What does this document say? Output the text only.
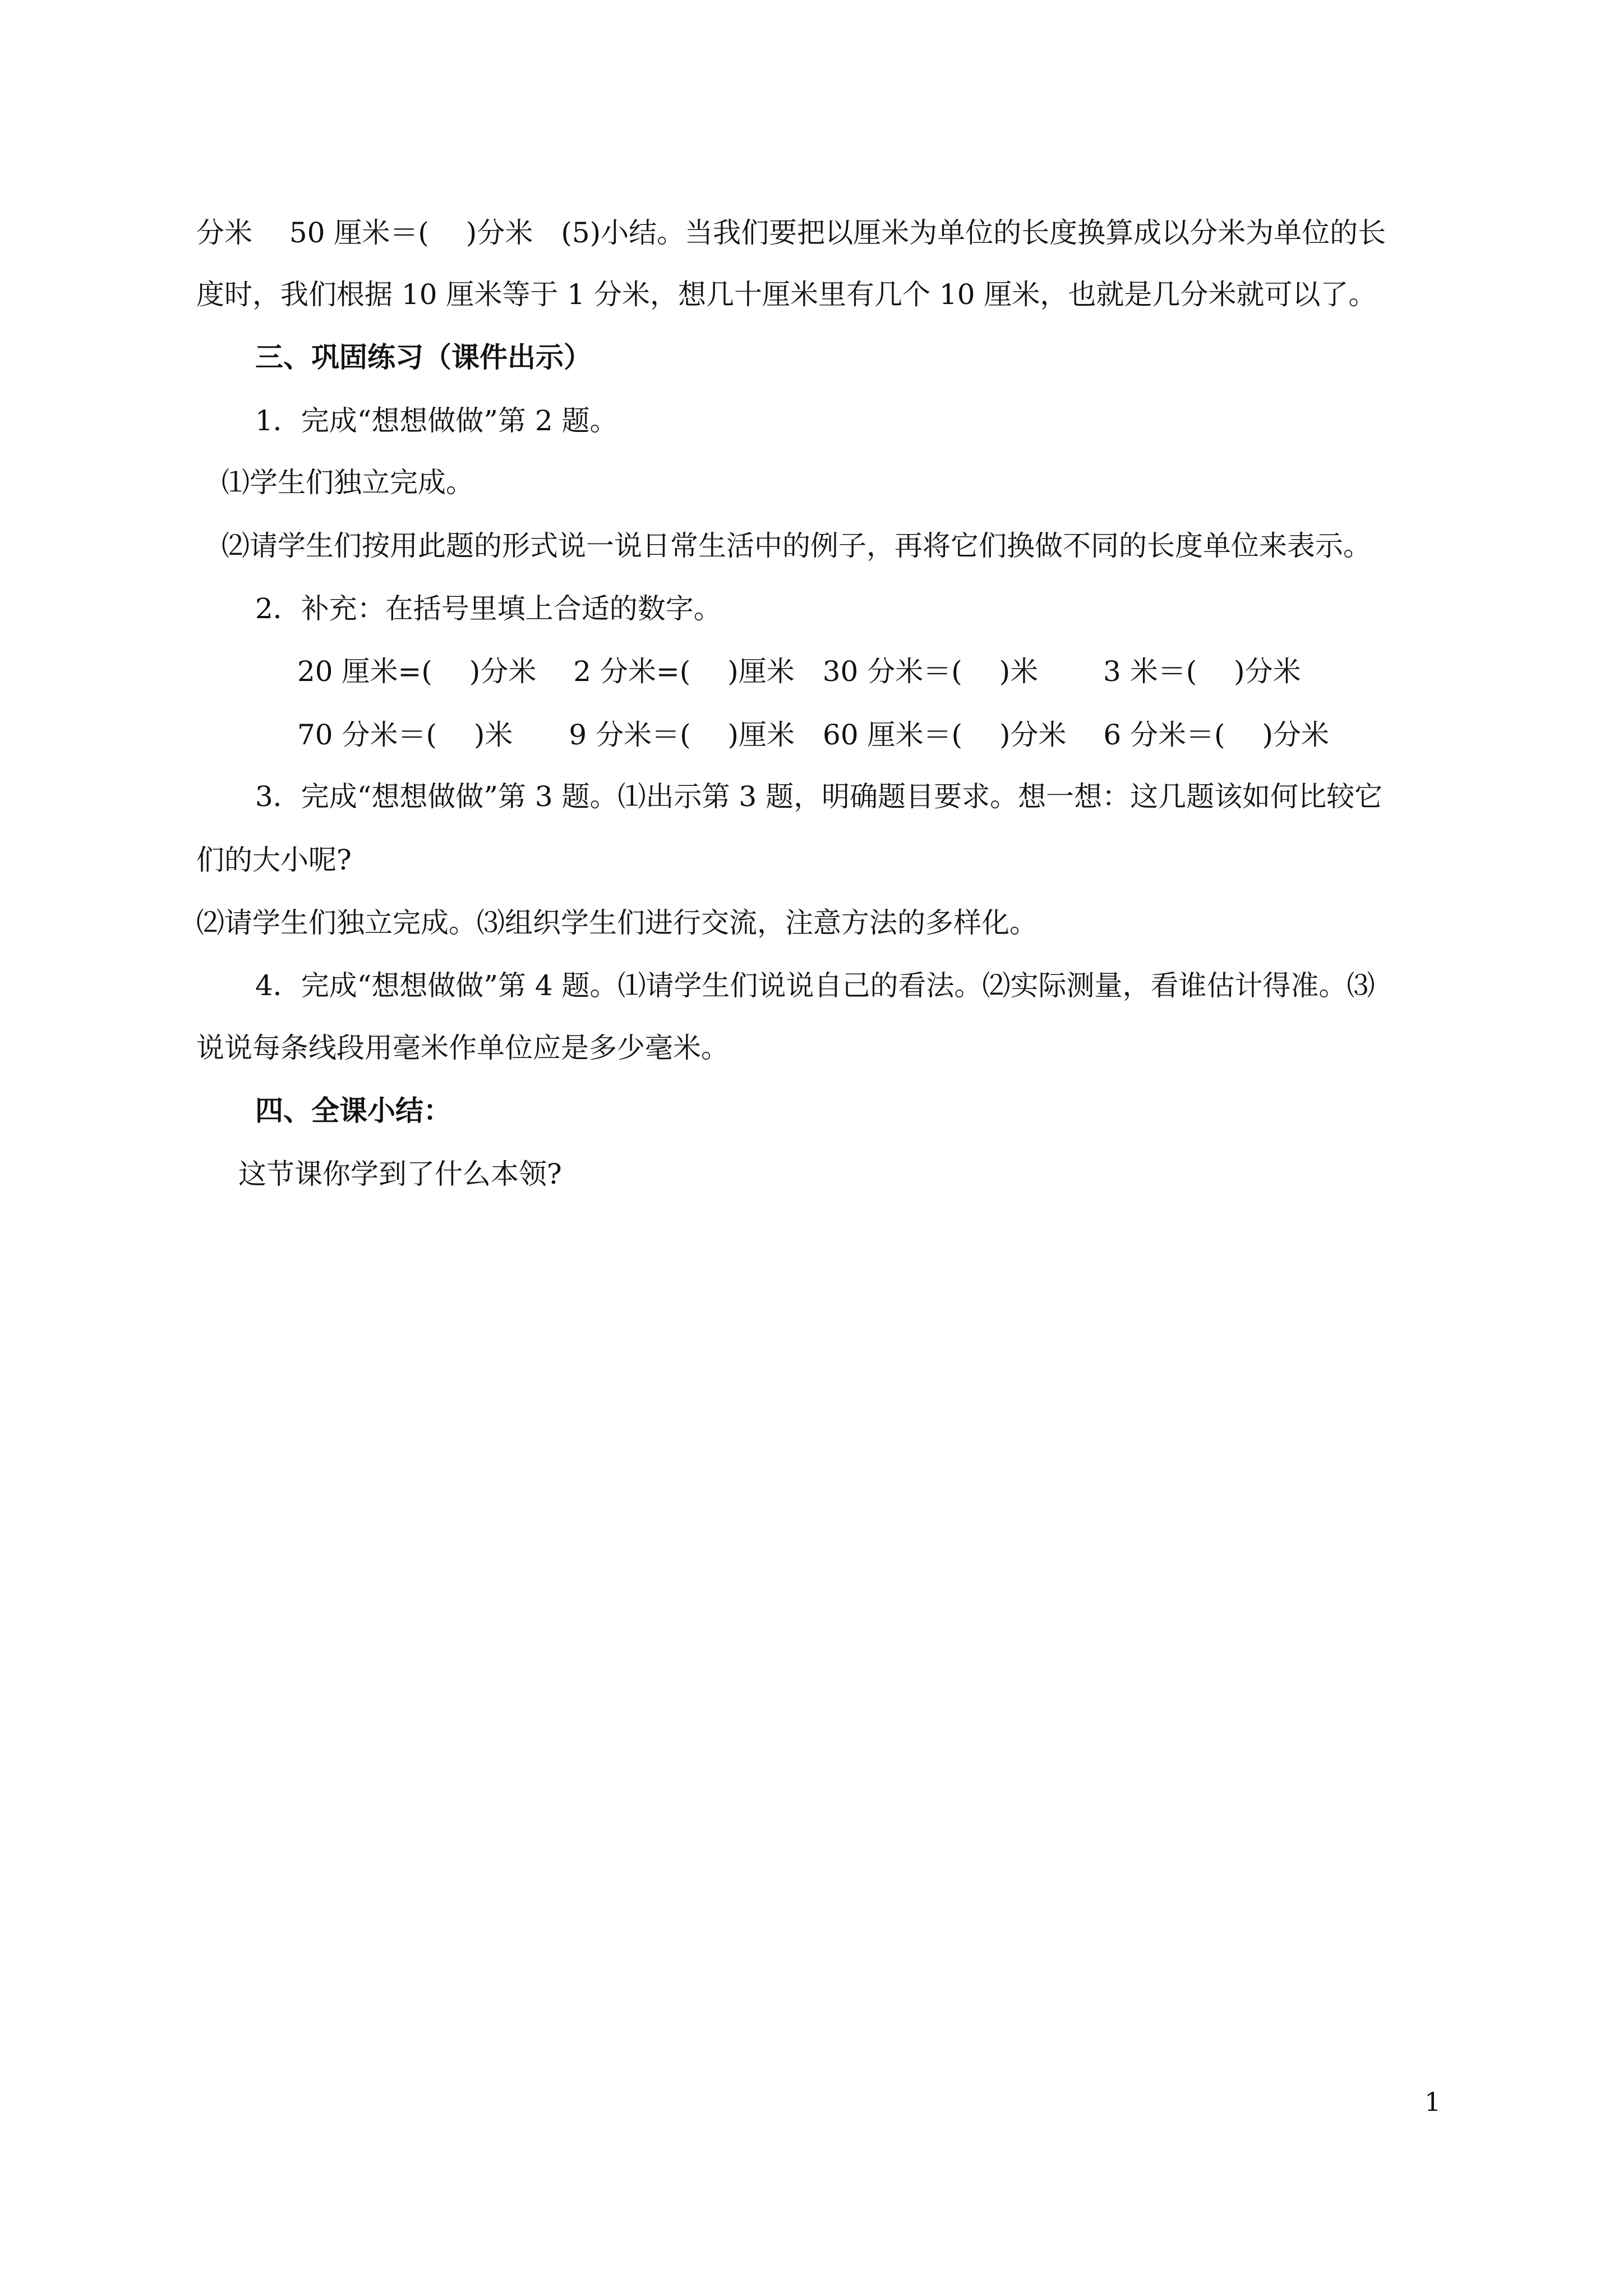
分米　 50 厘米＝(　 )分米　(5)小结。当我们要把以厘米为单位的长度换算成以分米为单位的长
度时，我们根据 10 厘米等于 1 分米，想几十厘米里有几个 10 厘米，也就是几分米就可以了。
三、巩固练习（课件出示）
1．完成“想想做做”第 2 题。
⑴学生们独立完成。
⑵请学生们按用此题的形式说一说日常生活中的例子，再将它们换做不同的长度单位来表示。
2．补充：在括号里填上合适的数字。
20 厘米=(　 )分米　 2 分米=(　 )厘米　30 分米＝(　 )米　　 3 米＝(　 )分米
70 分米＝(　 )米　　9 分米＝(　 )厘米　60 厘米＝(　 )分米　 6 分米＝(　 )分米
3．完成“想想做做”第 3 题。⑴出示第 3 题，明确题目要求。想一想：这几题该如何比较它
们的大小呢?
⑵请学生们独立完成。⑶组织学生们进行交流，注意方法的多样化。
4．完成“想想做做”第 4 题。⑴请学生们说说自己的看法。⑵实际测量，看谁估计得准。⑶
说说每条线段用毫米作单位应是多少毫米。
四、全课小结：
这节课你学到了什么本领?
1
